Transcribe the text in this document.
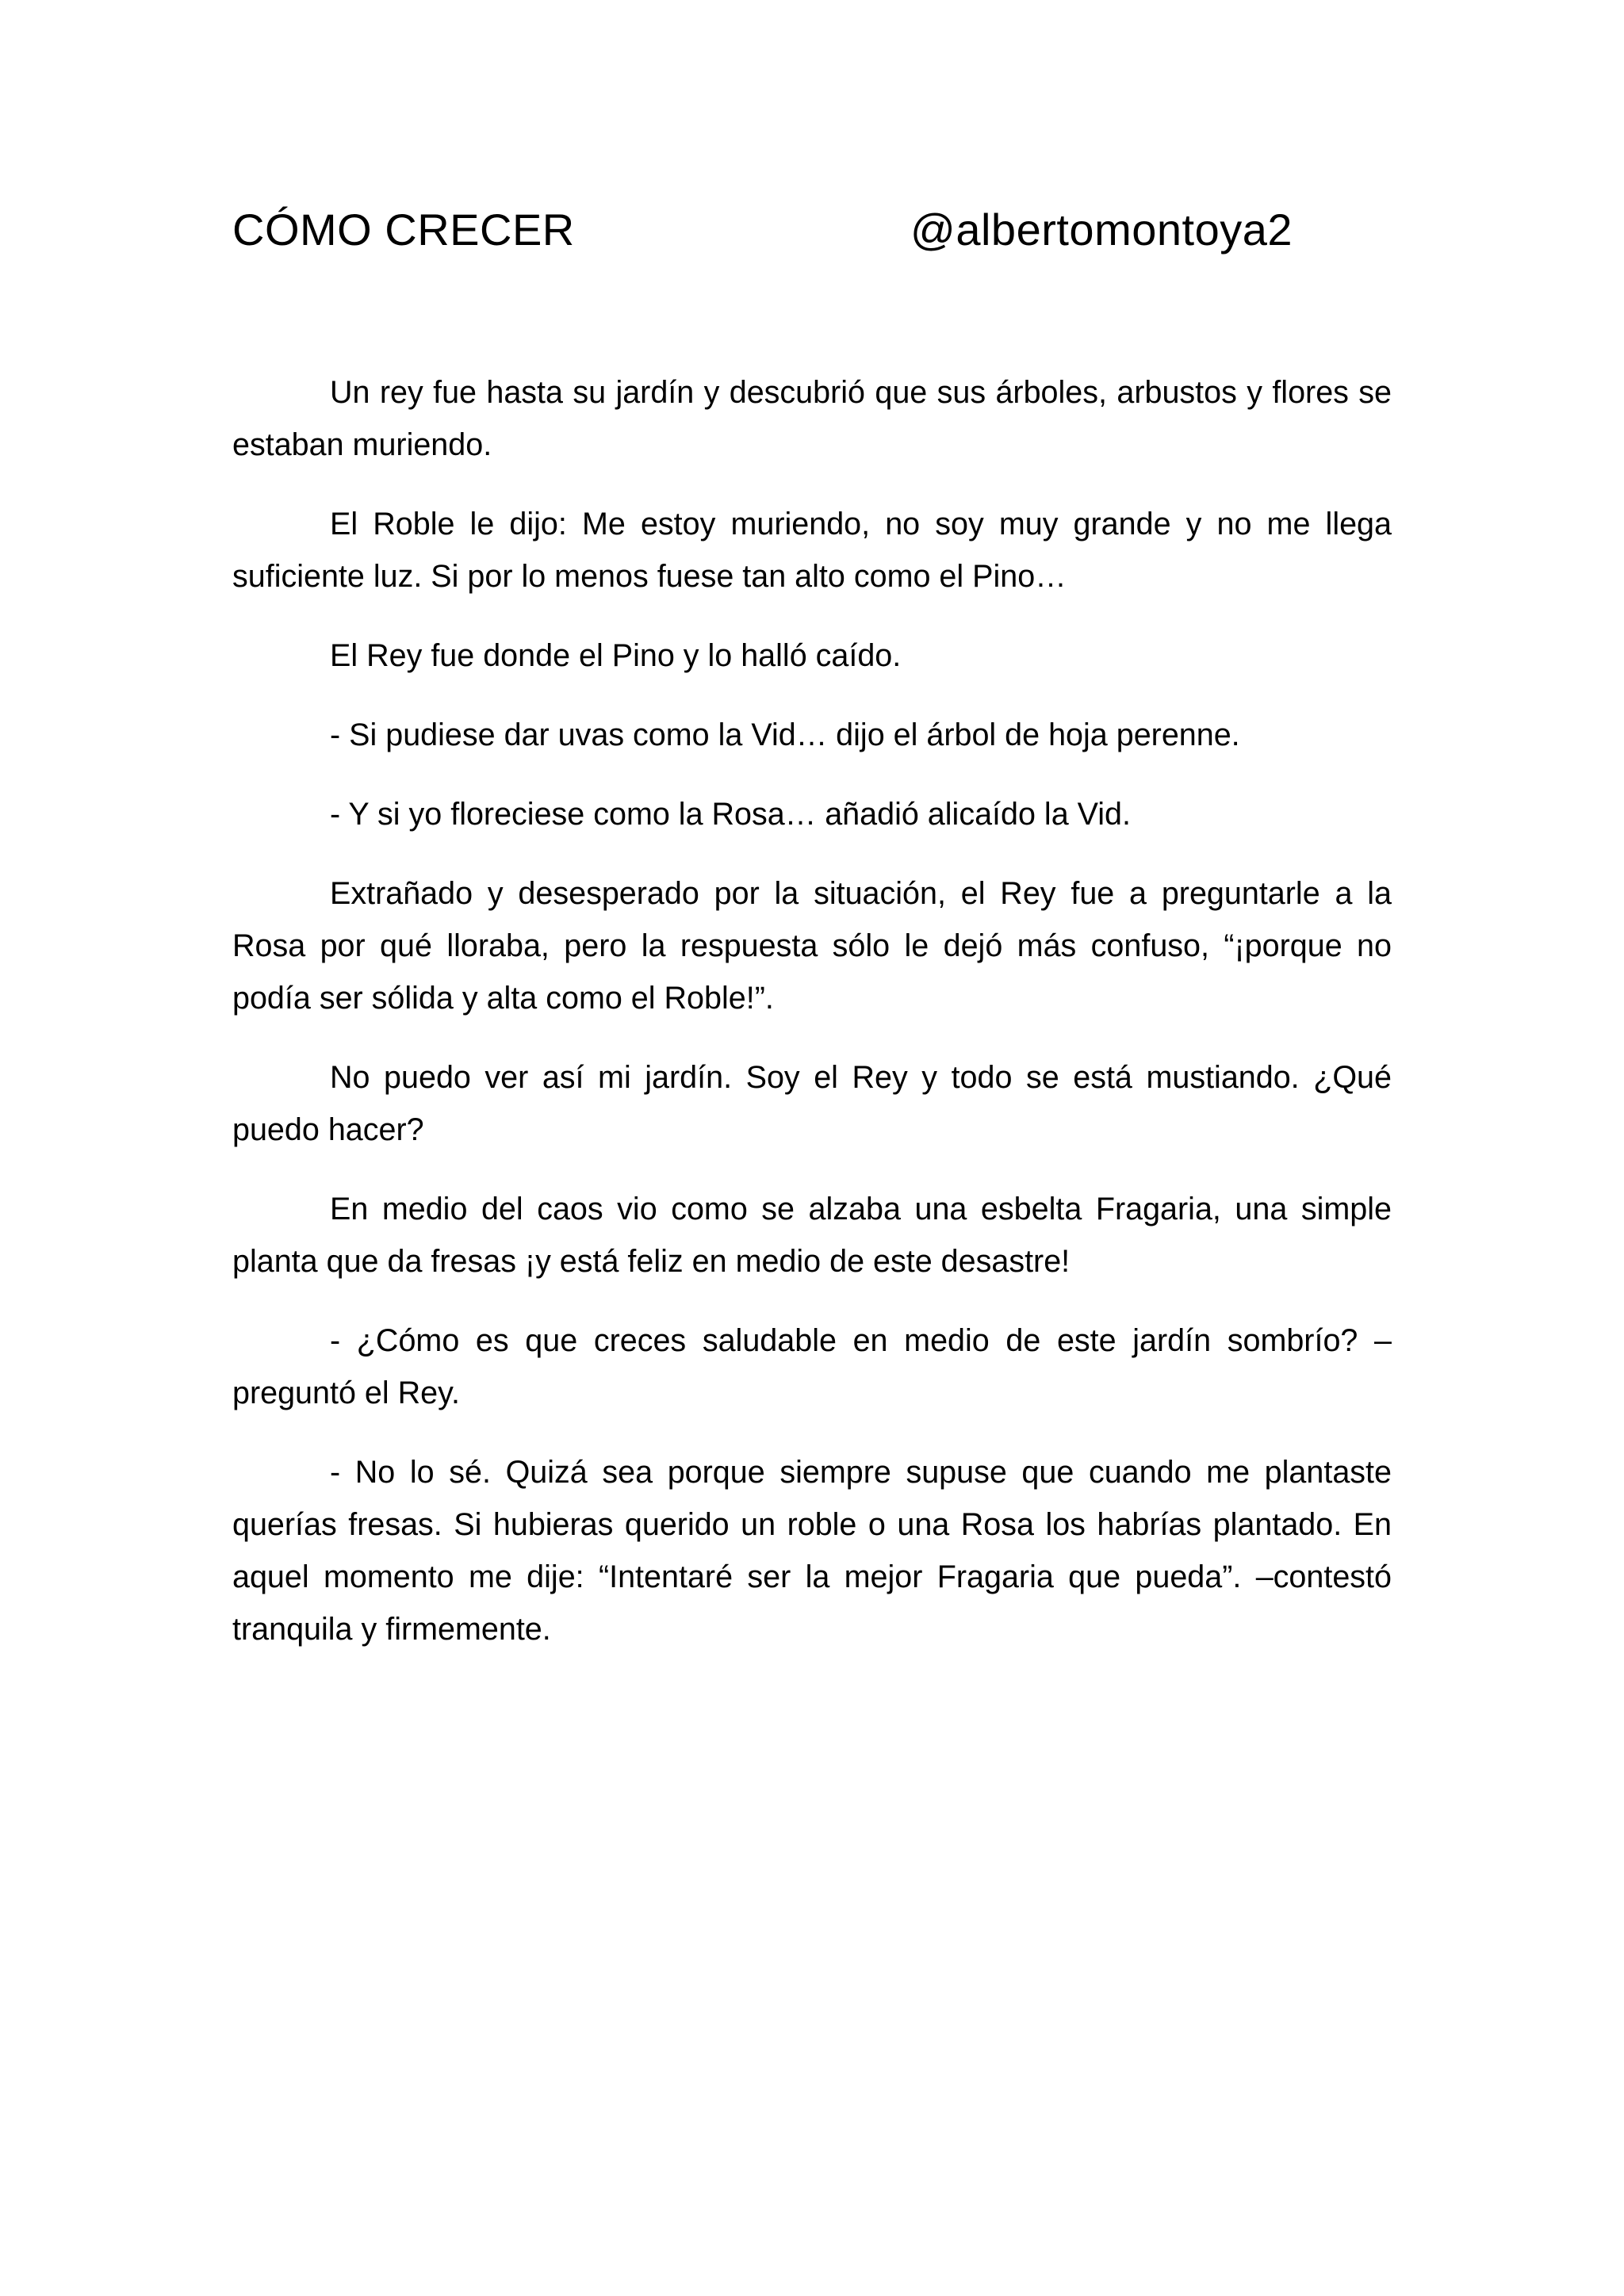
CÓMO CRECER	@albertomontoya2

Un rey fue hasta su jardín y descubrió que sus árboles, arbustos y flores se estaban muriendo.

El Roble le dijo: Me estoy muriendo, no soy muy grande y no me llega suficiente luz. Si por lo menos fuese tan alto como el Pino…

El Rey fue donde el Pino y lo halló caído.

- Si pudiese dar uvas como la Vid… dijo el árbol de hoja perenne.

- Y si yo floreciese como la Rosa… añadió alicaído la Vid.

Extrañado y desesperado por la situación, el Rey fue a preguntarle a la Rosa por qué lloraba, pero la respuesta sólo le dejó más confuso, “¡porque no podía ser sólida y alta como el Roble!”.

No puedo ver así mi jardín. Soy el Rey y todo se está mustiando. ¿Qué puedo hacer?

En medio del caos vio como se alzaba una esbelta Fragaria, una simple planta que da fresas ¡y está feliz en medio de este desastre!

- ¿Cómo es que creces saludable en medio de este jardín sombrío? – preguntó el Rey.

- No lo sé. Quizá sea porque siempre supuse que cuando me plantaste querías fresas. Si hubieras querido un roble o una Rosa los habrías plantado. En aquel momento me dije: “Intentaré ser la mejor Fragaria que pueda”. –contestó tranquila y firmemente.
